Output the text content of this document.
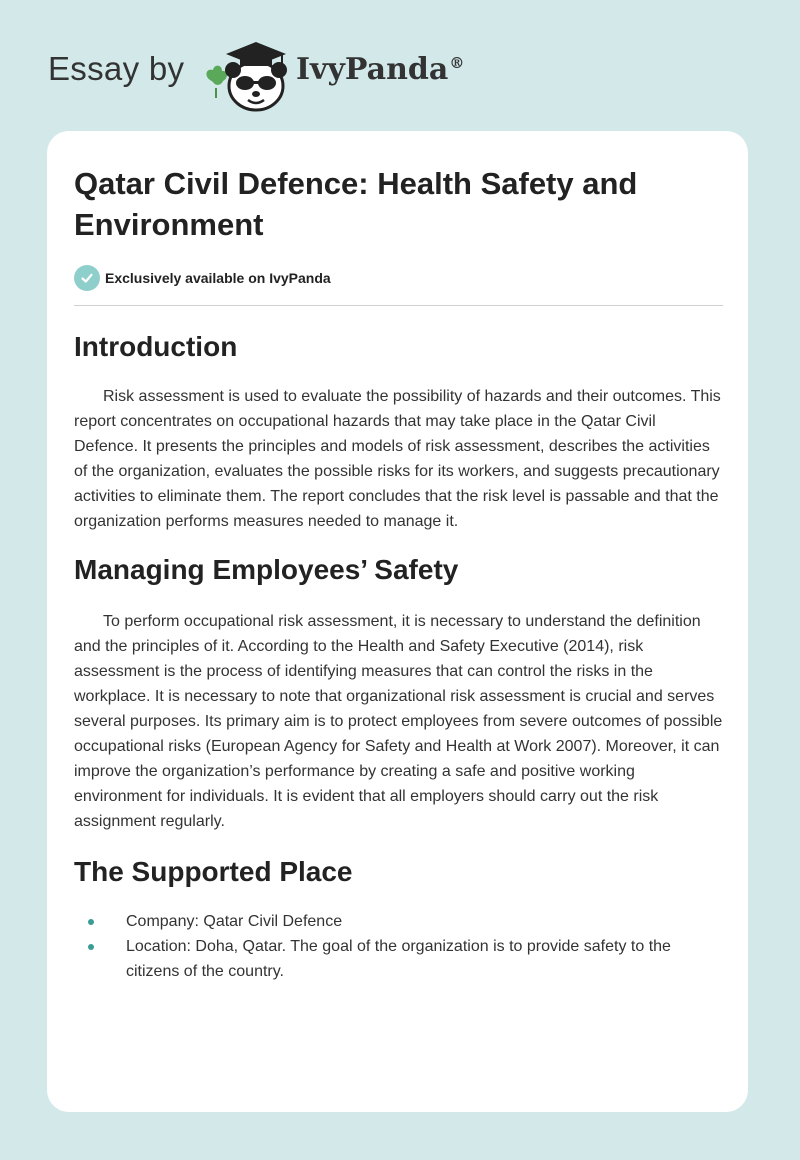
Essay by	IvyPanda®
Qatar Civil Defence: Health Safety and Environment
Exclusively available on IvyPanda
Introduction

Risk assessment is used to evaluate the possibility of hazards and their outcomes. This report concentrates on occupational hazards that may take place in the Qatar Civil Defence. It presents the principles and models of risk assessment, describes the activities of the organization, evaluates the possible risks for its workers, and suggests precautionary activities to eliminate them. The report concludes that the risk level is passable and that the organization performs measures needed to manage it.

Managing Employees’ Safety

To perform occupational risk assessment, it is necessary to understand the definition and the principles of it. According to the Health and Safety Executive (2014), risk assessment is the process of identifying measures that can control the risks in the workplace. It is necessary to note that organizational risk assessment is crucial and serves several purposes. Its primary aim is to protect employees from severe outcomes of possible occupational risks (European Agency for Safety and Health at Work 2007). Moreover, it can improve the organization’s performance by creating a safe and positive working environment for individuals. It is evident that all employers should carry out the risk assignment regularly.

The Supported Place
Company: Qatar Civil Defence
Location: Doha, Qatar. The goal of the organization is to provide safety to the citizens of the country.
